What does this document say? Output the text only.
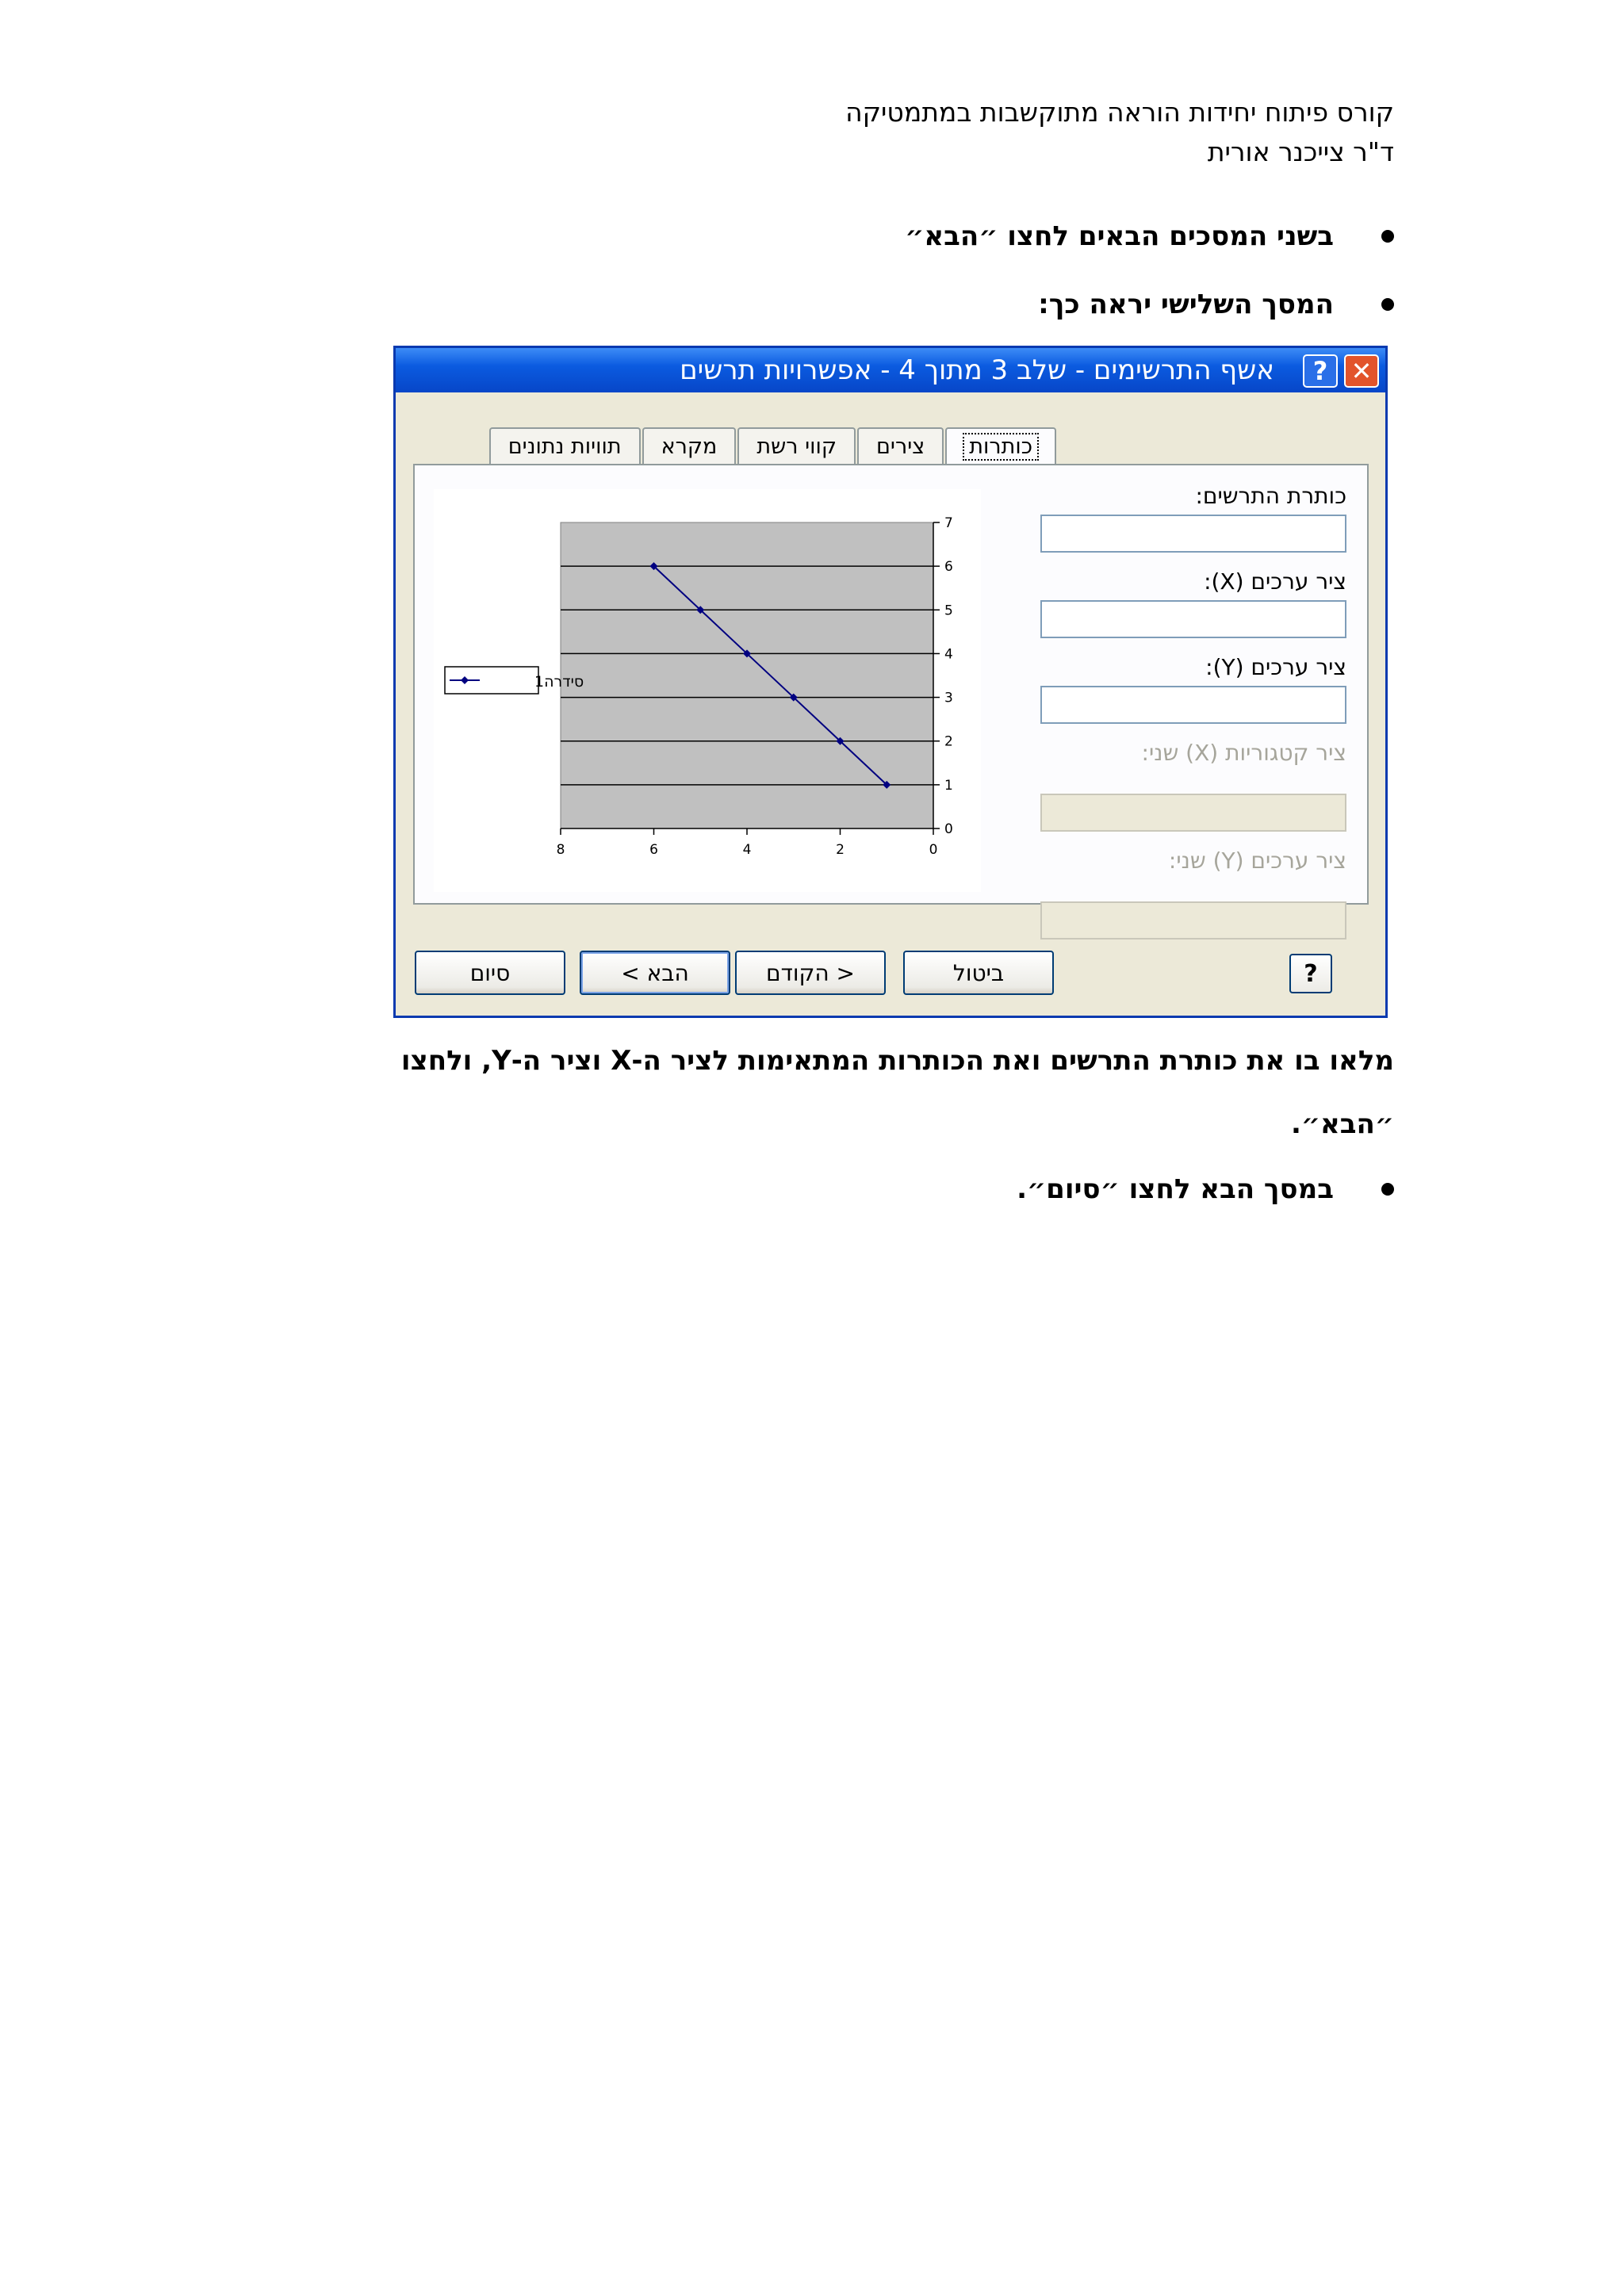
קורס פיתוח יחידות הוראה מתוקשבות במתמטיקה
ד"ר צייכנר אורית
בשני המסכים הבאים לחצו ״הבא״
המסך השלישי יראה כך:
✕
?
אשף התרשימים - שלב 3 מתוך 4 - אפשרויות תרשים
0
1
2
3
4
5
6
7
8	6	4	2	0
סידרה1
כותרת התרשים:
ציר ערכים (X):
ציר ערכים (Y):
ציר קטגוריות (X) שני:
ציר ערכים (Y) שני:
כותרות
צירים
קווי רשת
מקרא
תוויות נתונים
סיום	הבא >	< הקודם	ביטול	?
מלאו בו את כותרת התרשים ואת הכותרות המתאימות לציר ה-X וציר ה-Y, ולחצו
״הבא״.
במסך הבא לחצו ״סיום״.
